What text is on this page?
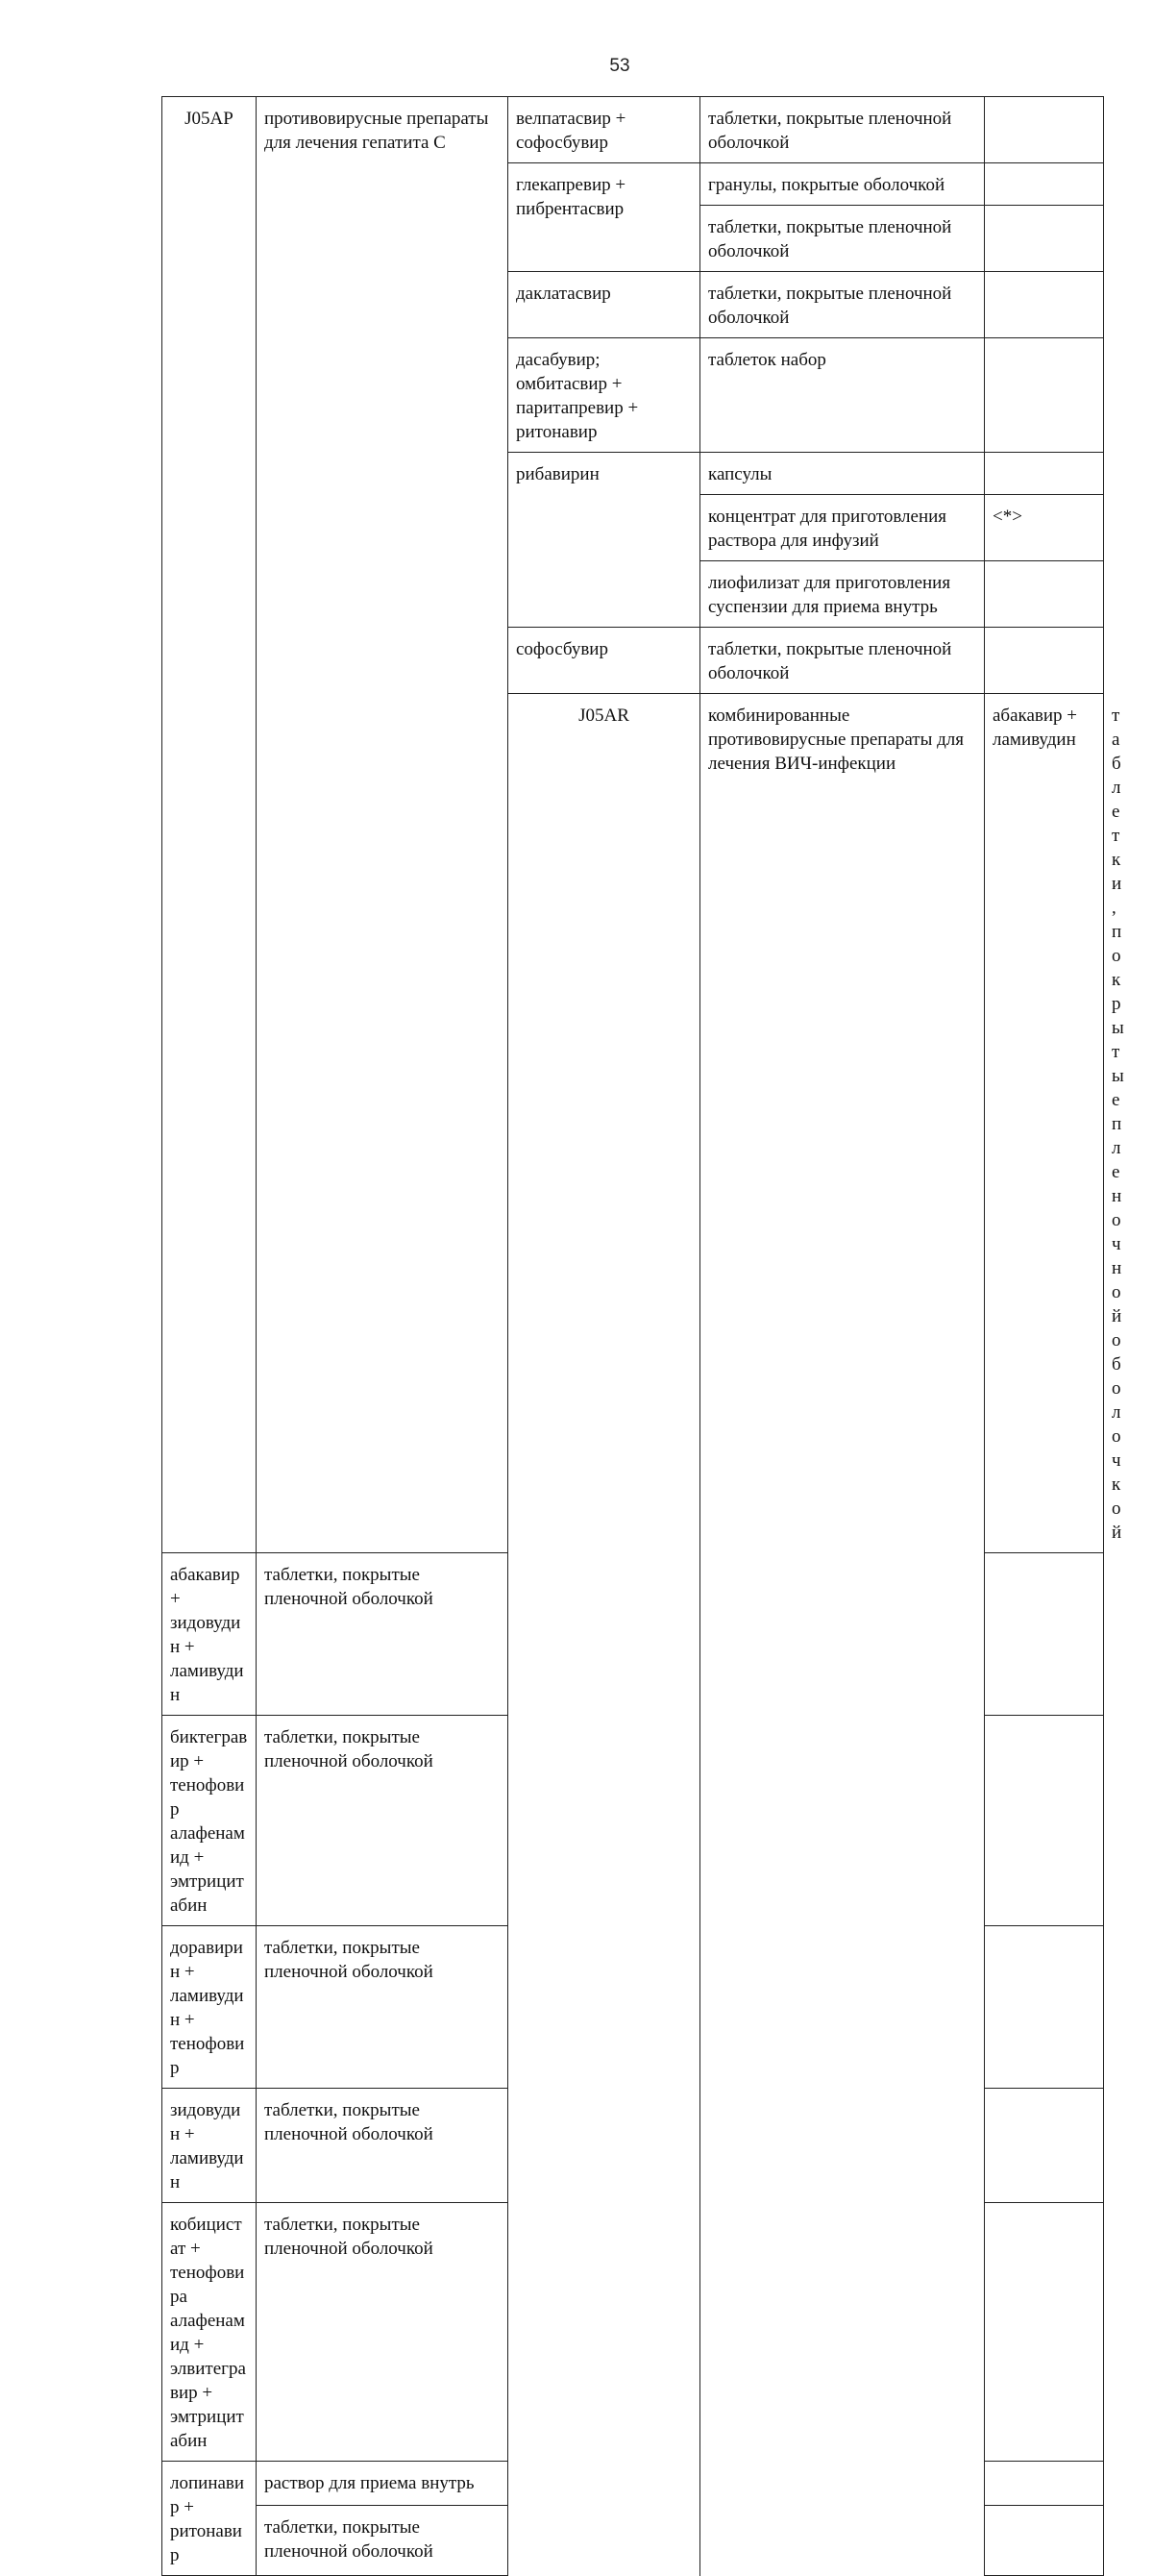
53
J05AP	противовирусные препараты для лечения гепатита С	велпатасвир + софосбувир	таблетки, покрытые пленочной оболочкой		
		глекапревир + пибрентасвир	гранулы, покрытые оболочкой		
			таблетки, покрытые пленочной оболочкой		
		даклатасвир	таблетки, покрытые пленочной оболочкой		
		дасабувир; омбитасвир + паритапревир + ритонавир	таблеток набор		
		рибавирин	капсулы		
			концентрат для приготовления раствора для инфузий	<*>	
			лиофилизат для приготовления суспензии для приема внутрь		
		софосбувир	таблетки, покрытые пленочной оболочкой		
		J05AR	комбинированные противовирусные препараты для лечения ВИЧ-инфекции	абакавир + ламивудин	таблетки, покрытые пленочной оболочкой	
абакавир + зидовудин + ламивудин	таблетки, покрытые пленочной оболочкой				
биктегравир + тенофовир алафенамид + эмтрицитабин	таблетки, покрытые пленочной оболочкой				
доравирин + ламивудин + тенофовир	таблетки, покрытые пленочной оболочкой				
зидовудин + ламивудин	таблетки, покрытые пленочной оболочкой				
кобицистат + тенофовира алафенамид + элвитегравир + эмтрицитабин	таблетки, покрытые пленочной оболочкой				
лопинавир + ритонавир	раствор для приема внутрь				
	таблетки, покрытые пленочной оболочкой				
